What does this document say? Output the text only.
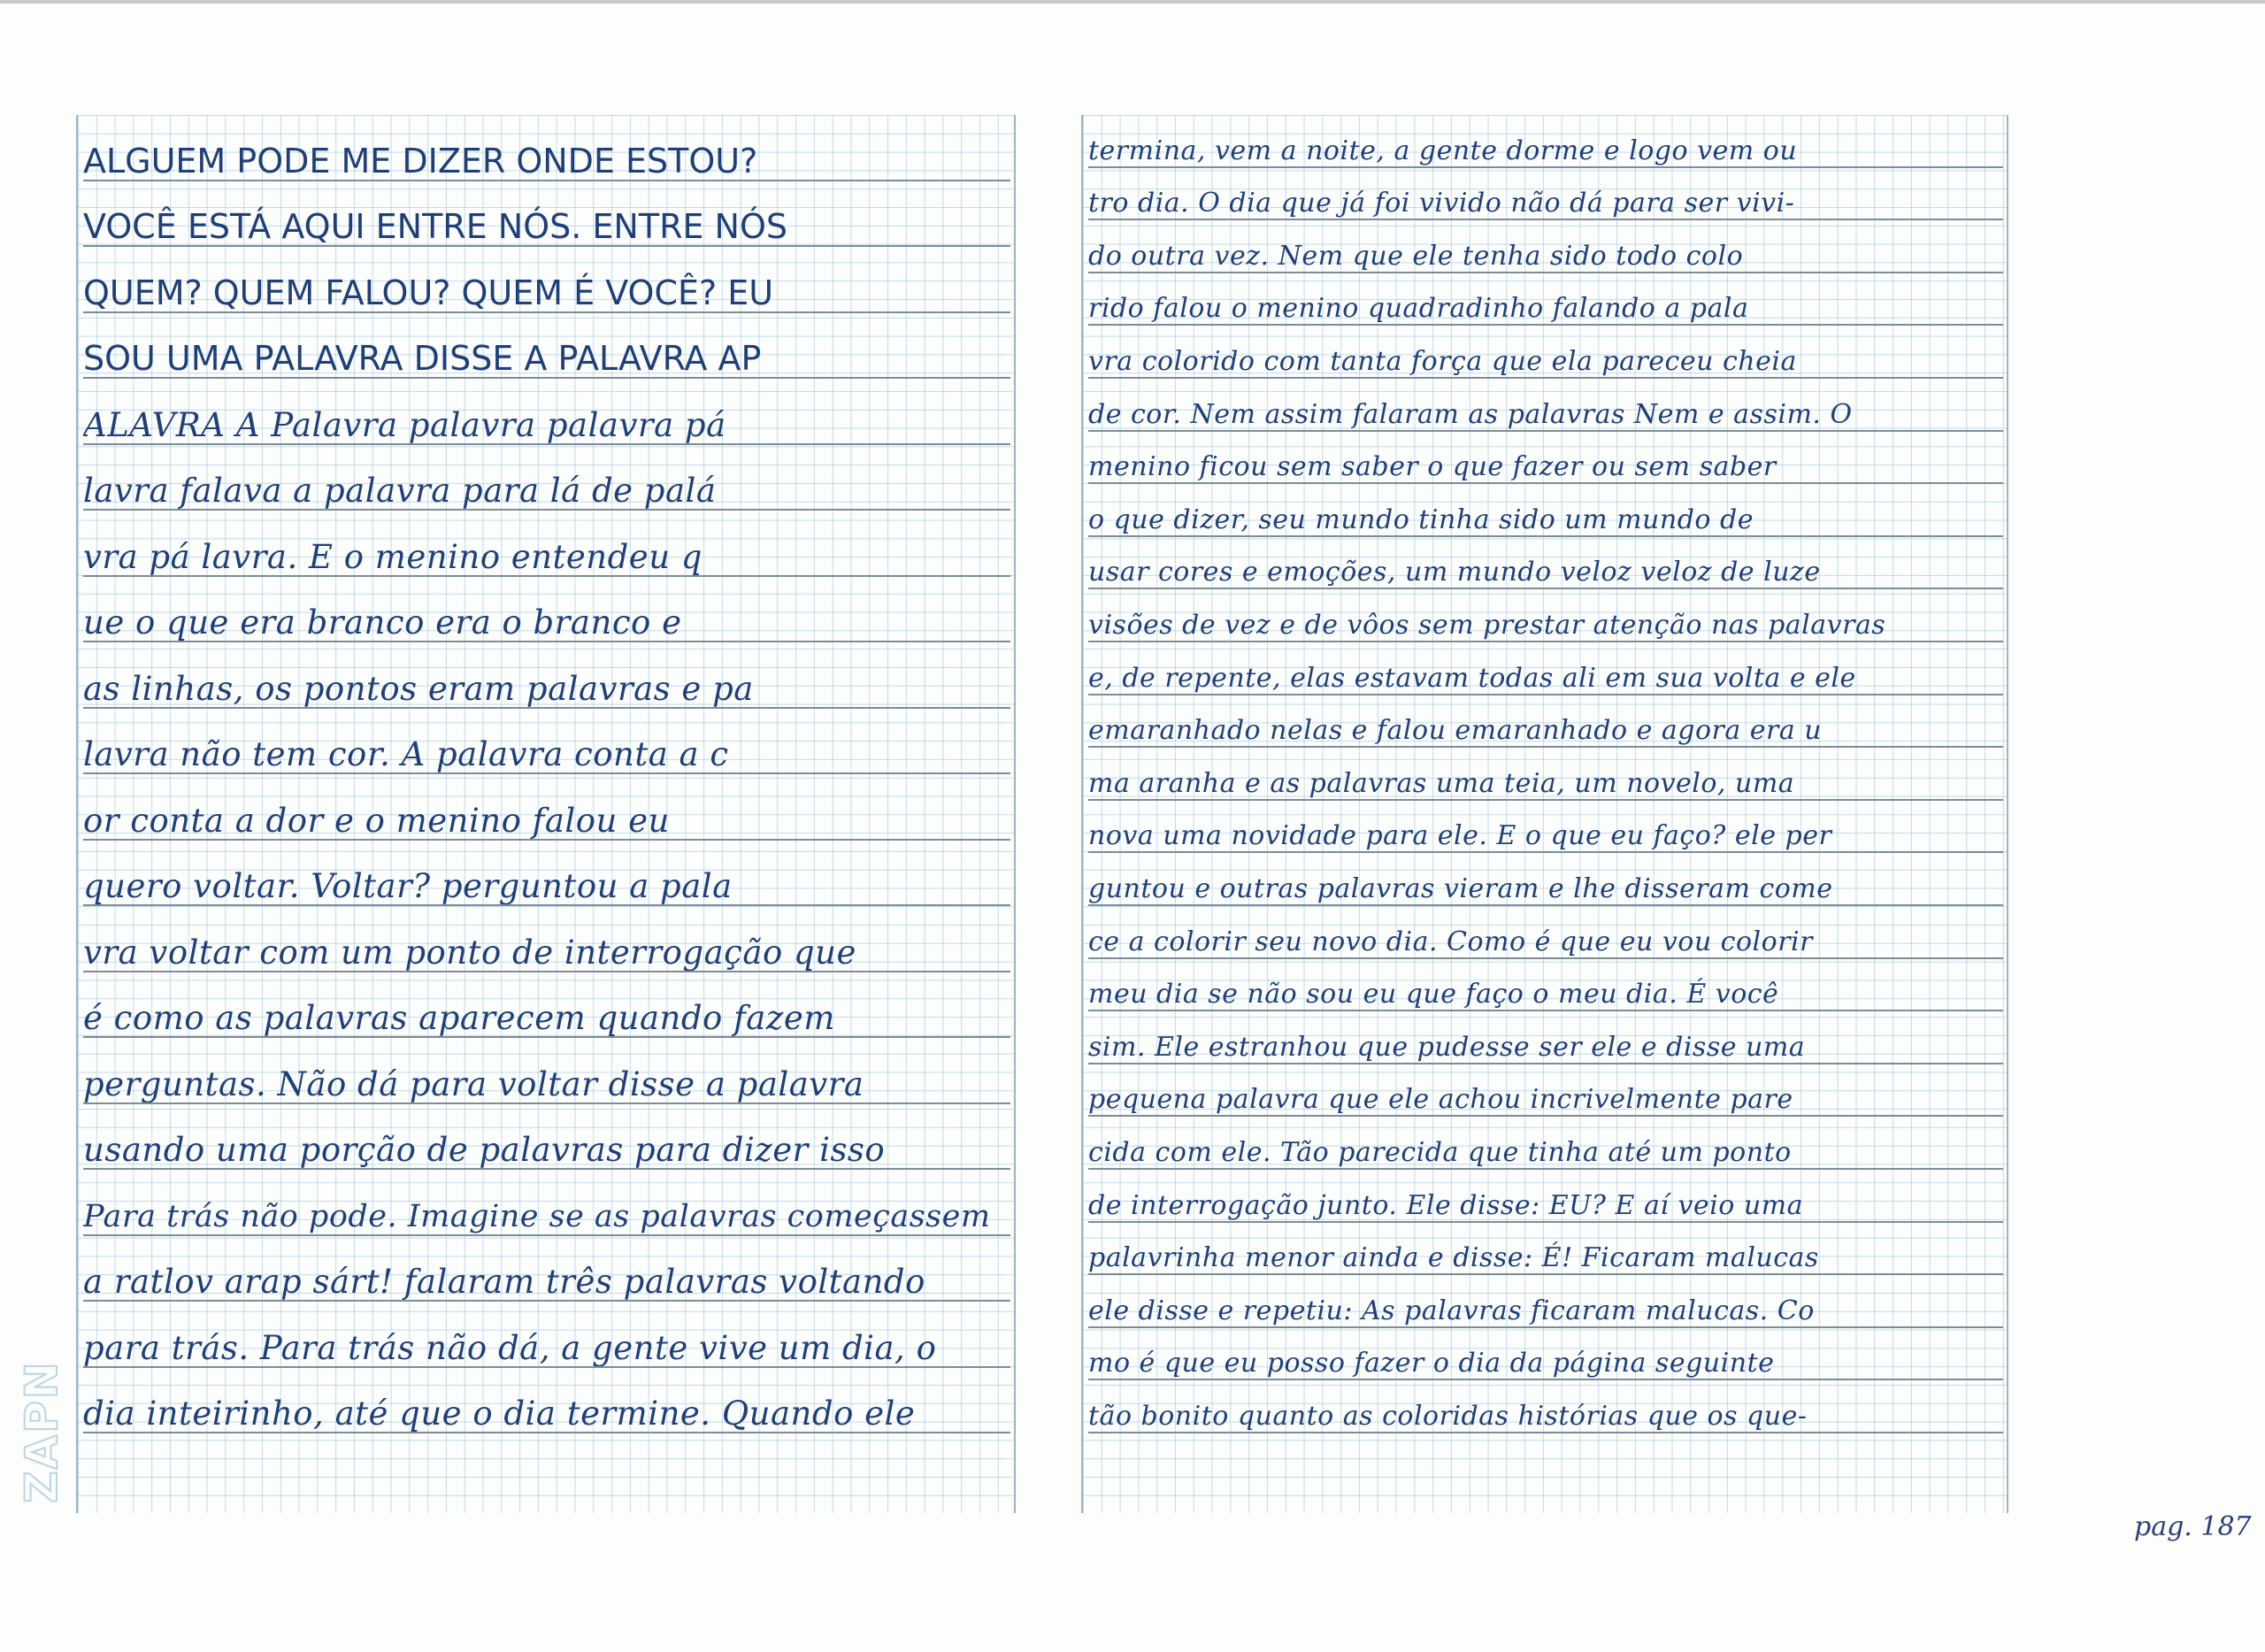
ALGUEM PODE ME DIZER ONDE ESTOU?
VOCÊ ESTÁ AQUI ENTRE NÓS. ENTRE NÓS
QUEM? QUEM FALOU? QUEM É VOCÊ? EU
SOU UMA PALAVRA DISSE A PALAVRA AP
ALAVRA A Palavra palavra palavra pá
lavra falava a palavra para lá de palá
vra pá lavra. E o menino entendeu q
ue o que era branco era o branco e
as linhas, os pontos eram palavras e pa
lavra não tem cor. A palavra conta a c
or conta a dor e o menino falou eu
quero voltar. Voltar? perguntou a pala
vra voltar com um ponto de interrogação que
é como as palavras aparecem quando fazem
perguntas. Não dá para voltar disse a palavra
usando uma porção de palavras para dizer isso
Para trás não pode. Imagine se as palavras começassem
a ratlov arap sárt! falaram três palavras voltando
para trás. Para trás não dá, a gente vive um dia, o
dia inteirinho, até que o dia termine. Quando ele
termina, vem a noite, a gente dorme e logo vem ou
tro dia. O dia que já foi vivido não dá para ser vivi-
do outra vez. Nem que ele tenha sido todo colo
rido falou o menino quadradinho falando a pala
vra colorido com tanta força que ela pareceu cheia
de cor. Nem assim falaram as palavras Nem e assim. O
menino ficou sem saber o que fazer ou sem saber
o que dizer, seu mundo tinha sido um mundo de
usar cores e emoções, um mundo veloz veloz de luze
visões de vez e de vôos sem prestar atenção nas palavras
e, de repente, elas estavam todas ali em sua volta e ele
emaranhado nelas e falou emaranhado e agora era u
ma aranha e as palavras uma teia, um novelo, uma
nova uma novidade para ele. E o que eu faço? ele per
guntou e outras palavras vieram e lhe disseram come
ce a colorir seu novo dia. Como é que eu vou colorir
meu dia se não sou eu que faço o meu dia. É você
sim. Ele estranhou que pudesse ser ele e disse uma
pequena palavra que ele achou incrivelmente pare
cida com ele. Tão parecida que tinha até um ponto
de interrogação junto. Ele disse: EU? E aí veio uma
palavrinha menor ainda e disse: É! Ficaram malucas
ele disse e repetiu: As palavras ficaram malucas. Co
mo é que eu posso fazer o dia da página seguinte
tão bonito quanto as coloridas histórias que os que-
ZAPN
pag. 187
